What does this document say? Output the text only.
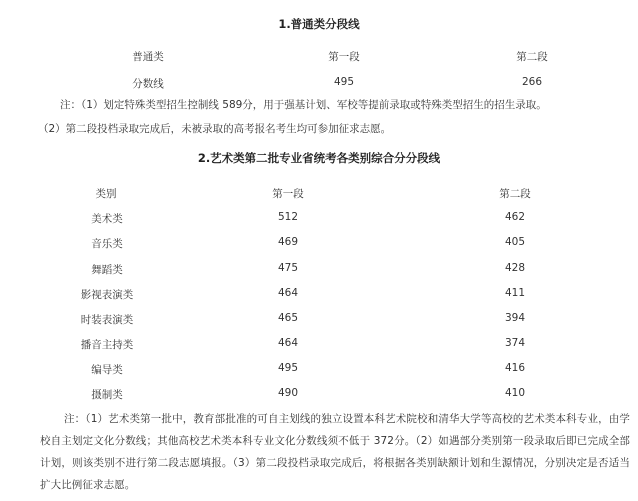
1.普通类分段线
普通类	第一段	第二段
分数线	495	266
注：（1）划定特殊类型招生控制线 589分，用于强基计划、军校等提前录取或特殊类型招生的招生录取。
（2）第二段投档录取完成后，未被录取的高考报名考生均可参加征求志愿。
2.艺术类第二批专业省统考各类别综合分分段线
类别	第一段	第二段
美术类	512	462
音乐类	469	405
舞蹈类	475	428
影视表演类	464	411
时装表演类	465	394
播音主持类	464	374
编导类	495	416
摄制类	490	410
注：（1）艺术类第一批中，教育部批准的可自主划线的独立设置本科艺术院校和清华大学等高校的艺术类本科专业，由学校自主划定文化分数线；其他高校艺术类本科专业文化分数线须不低于 372分。（2）如遇部分类别第一段录取后即已完成全部计划，则该类别不进行第二段志愿填报。（3）第二段投档录取完成后，将根据各类别缺额计划和生源情况，分别决定是否适当扩大比例征求志愿。
